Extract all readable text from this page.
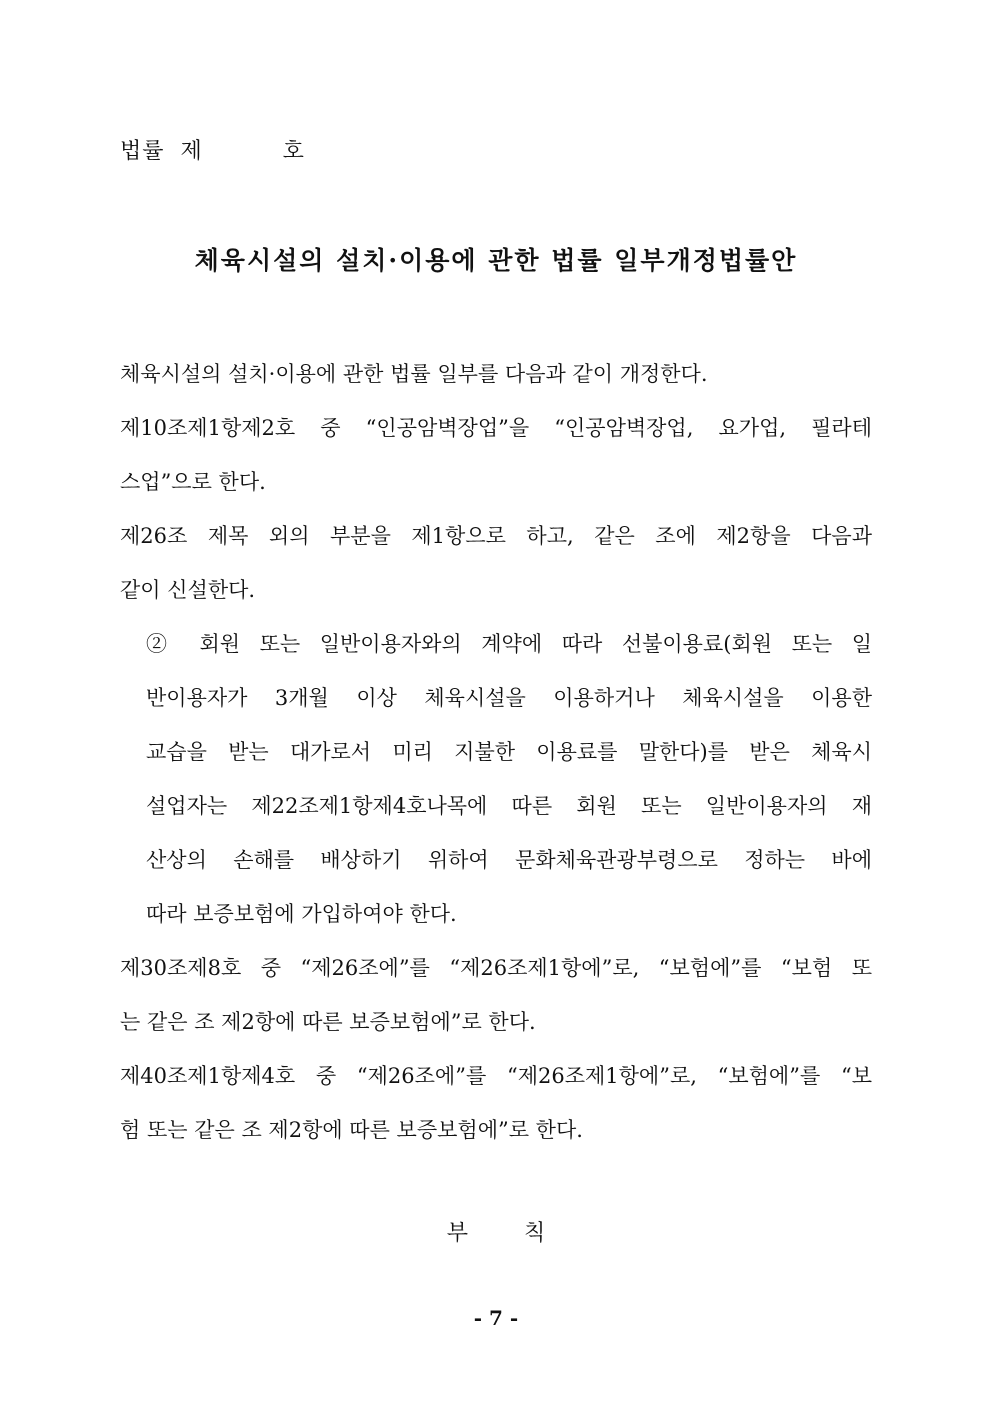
법률  제          호
체육시설의 설치·이용에 관한 법률 일부개정법률안
체육시설의 설치·이용에 관한 법률 일부를 다음과 같이 개정한다.
제10조제1항제2호 중 “인공암벽장업”을 “인공암벽장업, 요가업, 필라테
스업”으로 한다.
제26조 제목 외의 부분을 제1항으로 하고, 같은 조에 제2항을 다음과
같이 신설한다.
② 회원 또는 일반이용자와의 계약에 따라 선불이용료(회원 또는 일
반이용자가 3개월 이상 체육시설을 이용하거나 체육시설을 이용한
교습을 받는 대가로서 미리 지불한 이용료를 말한다)를 받은 체육시
설업자는 제22조제1항제4호나목에 따른 회원 또는 일반이용자의 재
산상의 손해를 배상하기 위하여 문화체육관광부령으로 정하는 바에
따라 보증보험에 가입하여야 한다.
제30조제8호 중 “제26조에”를 “제26조제1항에”로, “보험에”를 “보험 또
는 같은 조 제2항에 따른 보증보험에”로 한다.
제40조제1항제4호 중 “제26조에”를 “제26조제1항에”로, “보험에”를 “보
험 또는 같은 조 제2항에 따른 보증보험에”로 한다.
부        칙
- 7 -
